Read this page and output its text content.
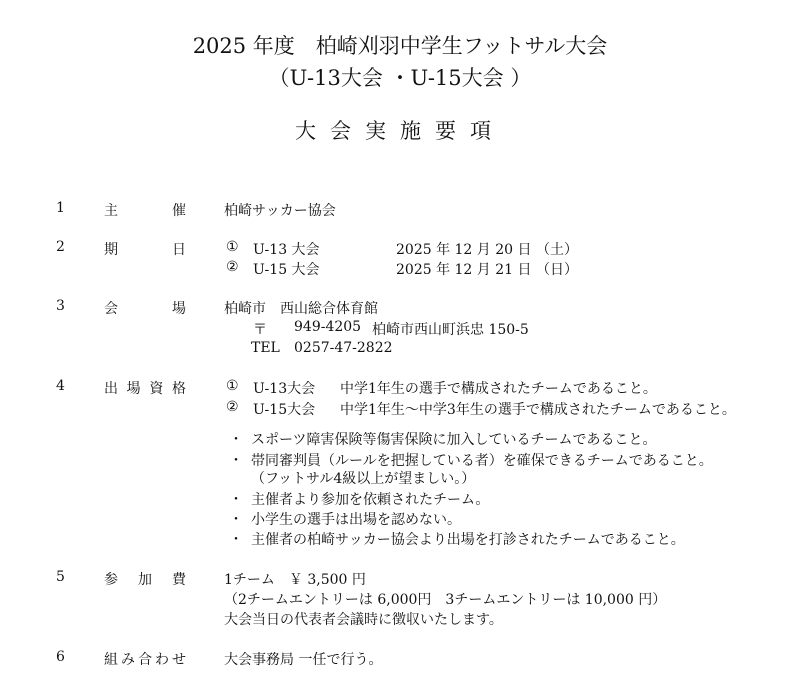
2025 年度　柏崎刈羽中学生フットサル大会
（U-13大会 ・U-15大会 ）
大会実施要項
1	主	催	柏崎サッカー協会
2	期	日	① U-13 大会	2025 年 12 月 20 日 （土）
② U-15 大会	2025 年 12 月 21 日 （日）
3	会	場	柏崎市　西山総合体育館
〒 949-4205 柏崎市西山町浜忠 150-5
TEL 0257-47-2822
4	出 場 資 格	① U-13大会 中学1年生の選手で構成されたチームであること。
② U-15大会 中学1年生～中学3年生の選手で構成されたチームであること。
・ スポーツ障害保険等傷害保険に加入しているチームであること。
・ 帯同審判員（ルールを把握している者）を確保できるチームであること。
（フットサル4級以上が望ましい。）
・ 主催者より参加を依頼されたチーム。
・ 小学生の選手は出場を認めない。
・ 主催者の柏崎サッカー協会より出場を打診されたチームであること。
5	参 加 費	1チーム　￥ 3,500 円
（2チームエントリーは 6,000円　3チームエントリーは 10,000 円）
大会当日の代表者会議時に徴収いたします。
6	組 み 合 わ せ	大会事務局 一任で行う。
